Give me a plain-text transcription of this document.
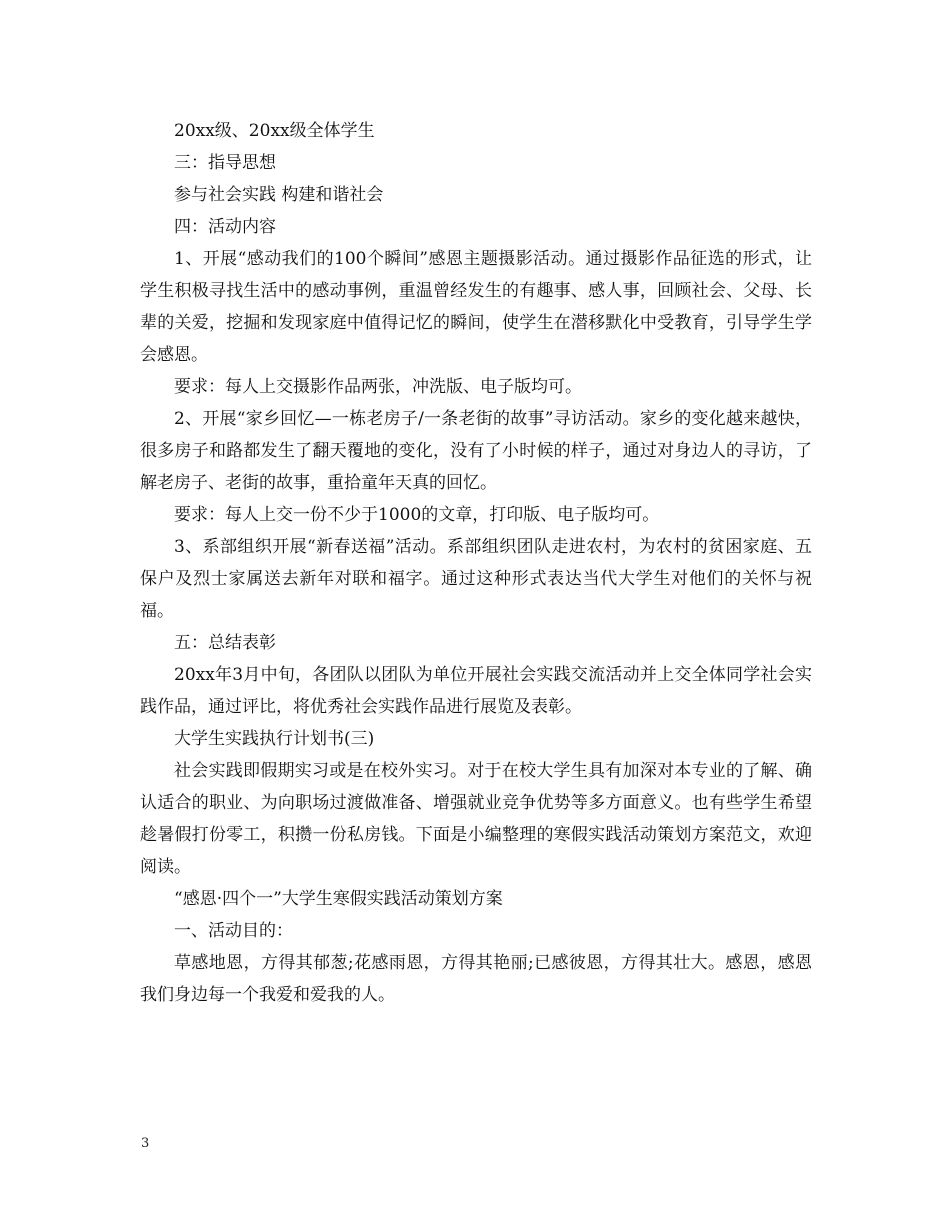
20xx级、20xx级全体学生

三：指导思想

参与社会实践 构建和谐社会

四：活动内容

1、开展“感动我们的100个瞬间”感恩主题摄影活动。通过摄影作品征选的形式，让学生积极寻找生活中的感动事例，重温曾经发生的有趣事、感人事，回顾社会、父母、长辈的关爱，挖掘和发现家庭中值得记忆的瞬间，使学生在潜移默化中受教育，引导学生学会感恩。

要求：每人上交摄影作品两张，冲洗版、电子版均可。

2、开展“家乡回忆—一栋老房子/一条老街的故事”寻访活动。家乡的变化越来越快，很多房子和路都发生了翻天覆地的变化，没有了小时候的样子，通过对身边人的寻访，了解老房子、老街的故事，重拾童年天真的回忆。

要求：每人上交一份不少于1000的文章，打印版、电子版均可。

3、系部组织开展“新春送福”活动。系部组织团队走进农村，为农村的贫困家庭、五保户及烈士家属送去新年对联和福字。通过这种形式表达当代大学生对他们的关怀与祝福。

五：总结表彰

20xx年3月中旬，各团队以团队为单位开展社会实践交流活动并上交全体同学社会实践作品，通过评比，将优秀社会实践作品进行展览及表彰。

大学生实践执行计划书(三)

社会实践即假期实习或是在校外实习。对于在校大学生具有加深对本专业的了解、确认适合的职业、为向职场过渡做准备、增强就业竞争优势等多方面意义。也有些学生希望趁暑假打份零工，积攒一份私房钱。下面是小编整理的寒假实践活动策划方案范文，欢迎阅读。

“感恩·四个一”大学生寒假实践活动策划方案

一、活动目的：

草感地恩，方得其郁葱;花感雨恩，方得其艳丽;已感彼恩，方得其壮大。感恩，感恩我们身边每一个我爱和爱我的人。

3
